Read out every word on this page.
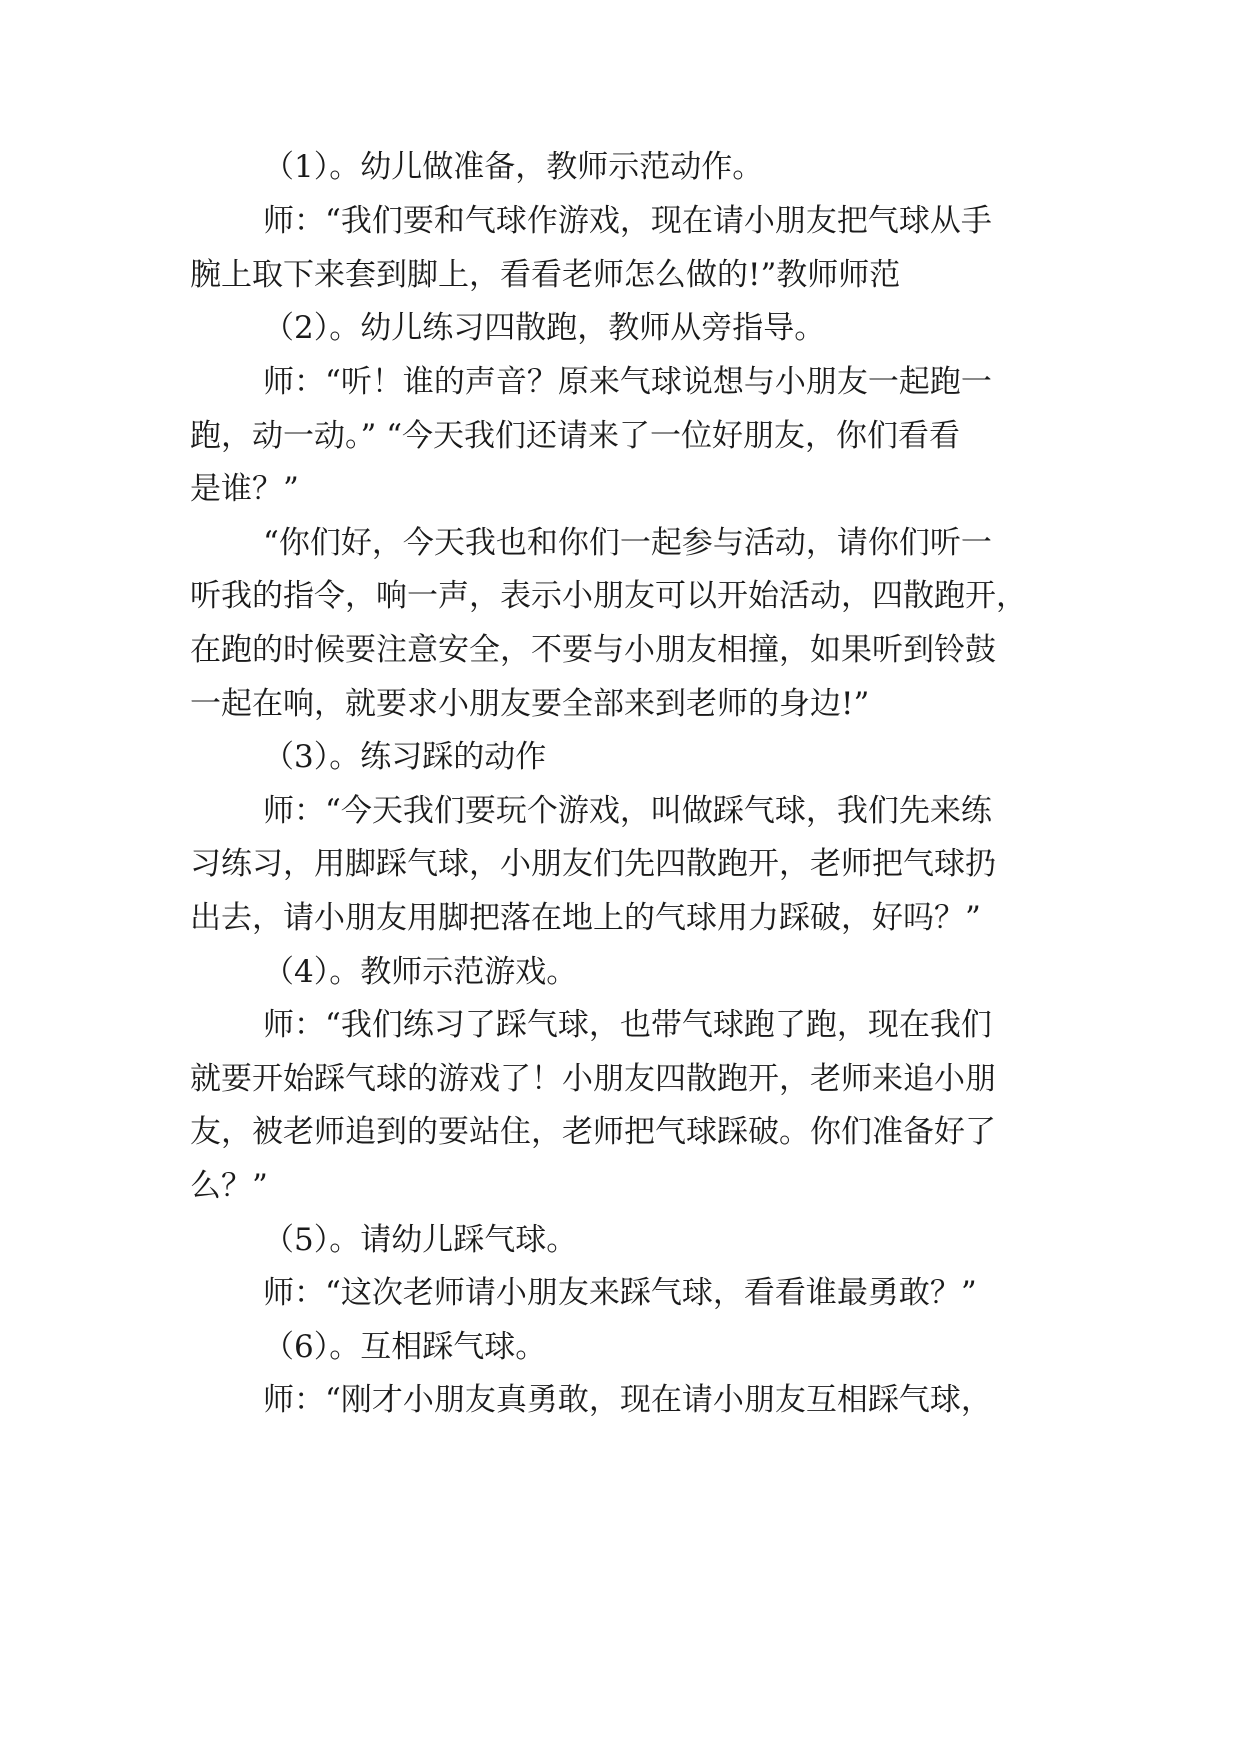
（1）。幼儿做准备，教师示范动作。
师：“我们要和气球作游戏，现在请小朋友把气球从手
腕上取下来套到脚上，看看老师怎么做的!”教师师范
（2）。幼儿练习四散跑，教师从旁指导。
师：“听！谁的声音？原来气球说想与小朋友一起跑一
跑，动一动。” “今天我们还请来了一位好朋友，你们看看
是谁？”
“你们好，今天我也和你们一起参与活动，请你们听一
听我的指令，响一声，表示小朋友可以开始活动，四散跑开，
在跑的时候要注意安全，不要与小朋友相撞，如果听到铃鼓
一起在响，就要求小朋友要全部来到老师的身边!”
（3）。练习踩的动作
师：“今天我们要玩个游戏，叫做踩气球，我们先来练
习练习，用脚踩气球，小朋友们先四散跑开，老师把气球扔
出去，请小朋友用脚把落在地上的气球用力踩破，好吗？”
（4）。教师示范游戏。
师：“我们练习了踩气球，也带气球跑了跑，现在我们
就要开始踩气球的游戏了！小朋友四散跑开，老师来追小朋
友，被老师追到的要站住，老师把气球踩破。你们准备好了
么？”
（5）。请幼儿踩气球。
师：“这次老师请小朋友来踩气球，看看谁最勇敢？”
（6）。互相踩气球。
师：“刚才小朋友真勇敢，现在请小朋友互相踩气球，
